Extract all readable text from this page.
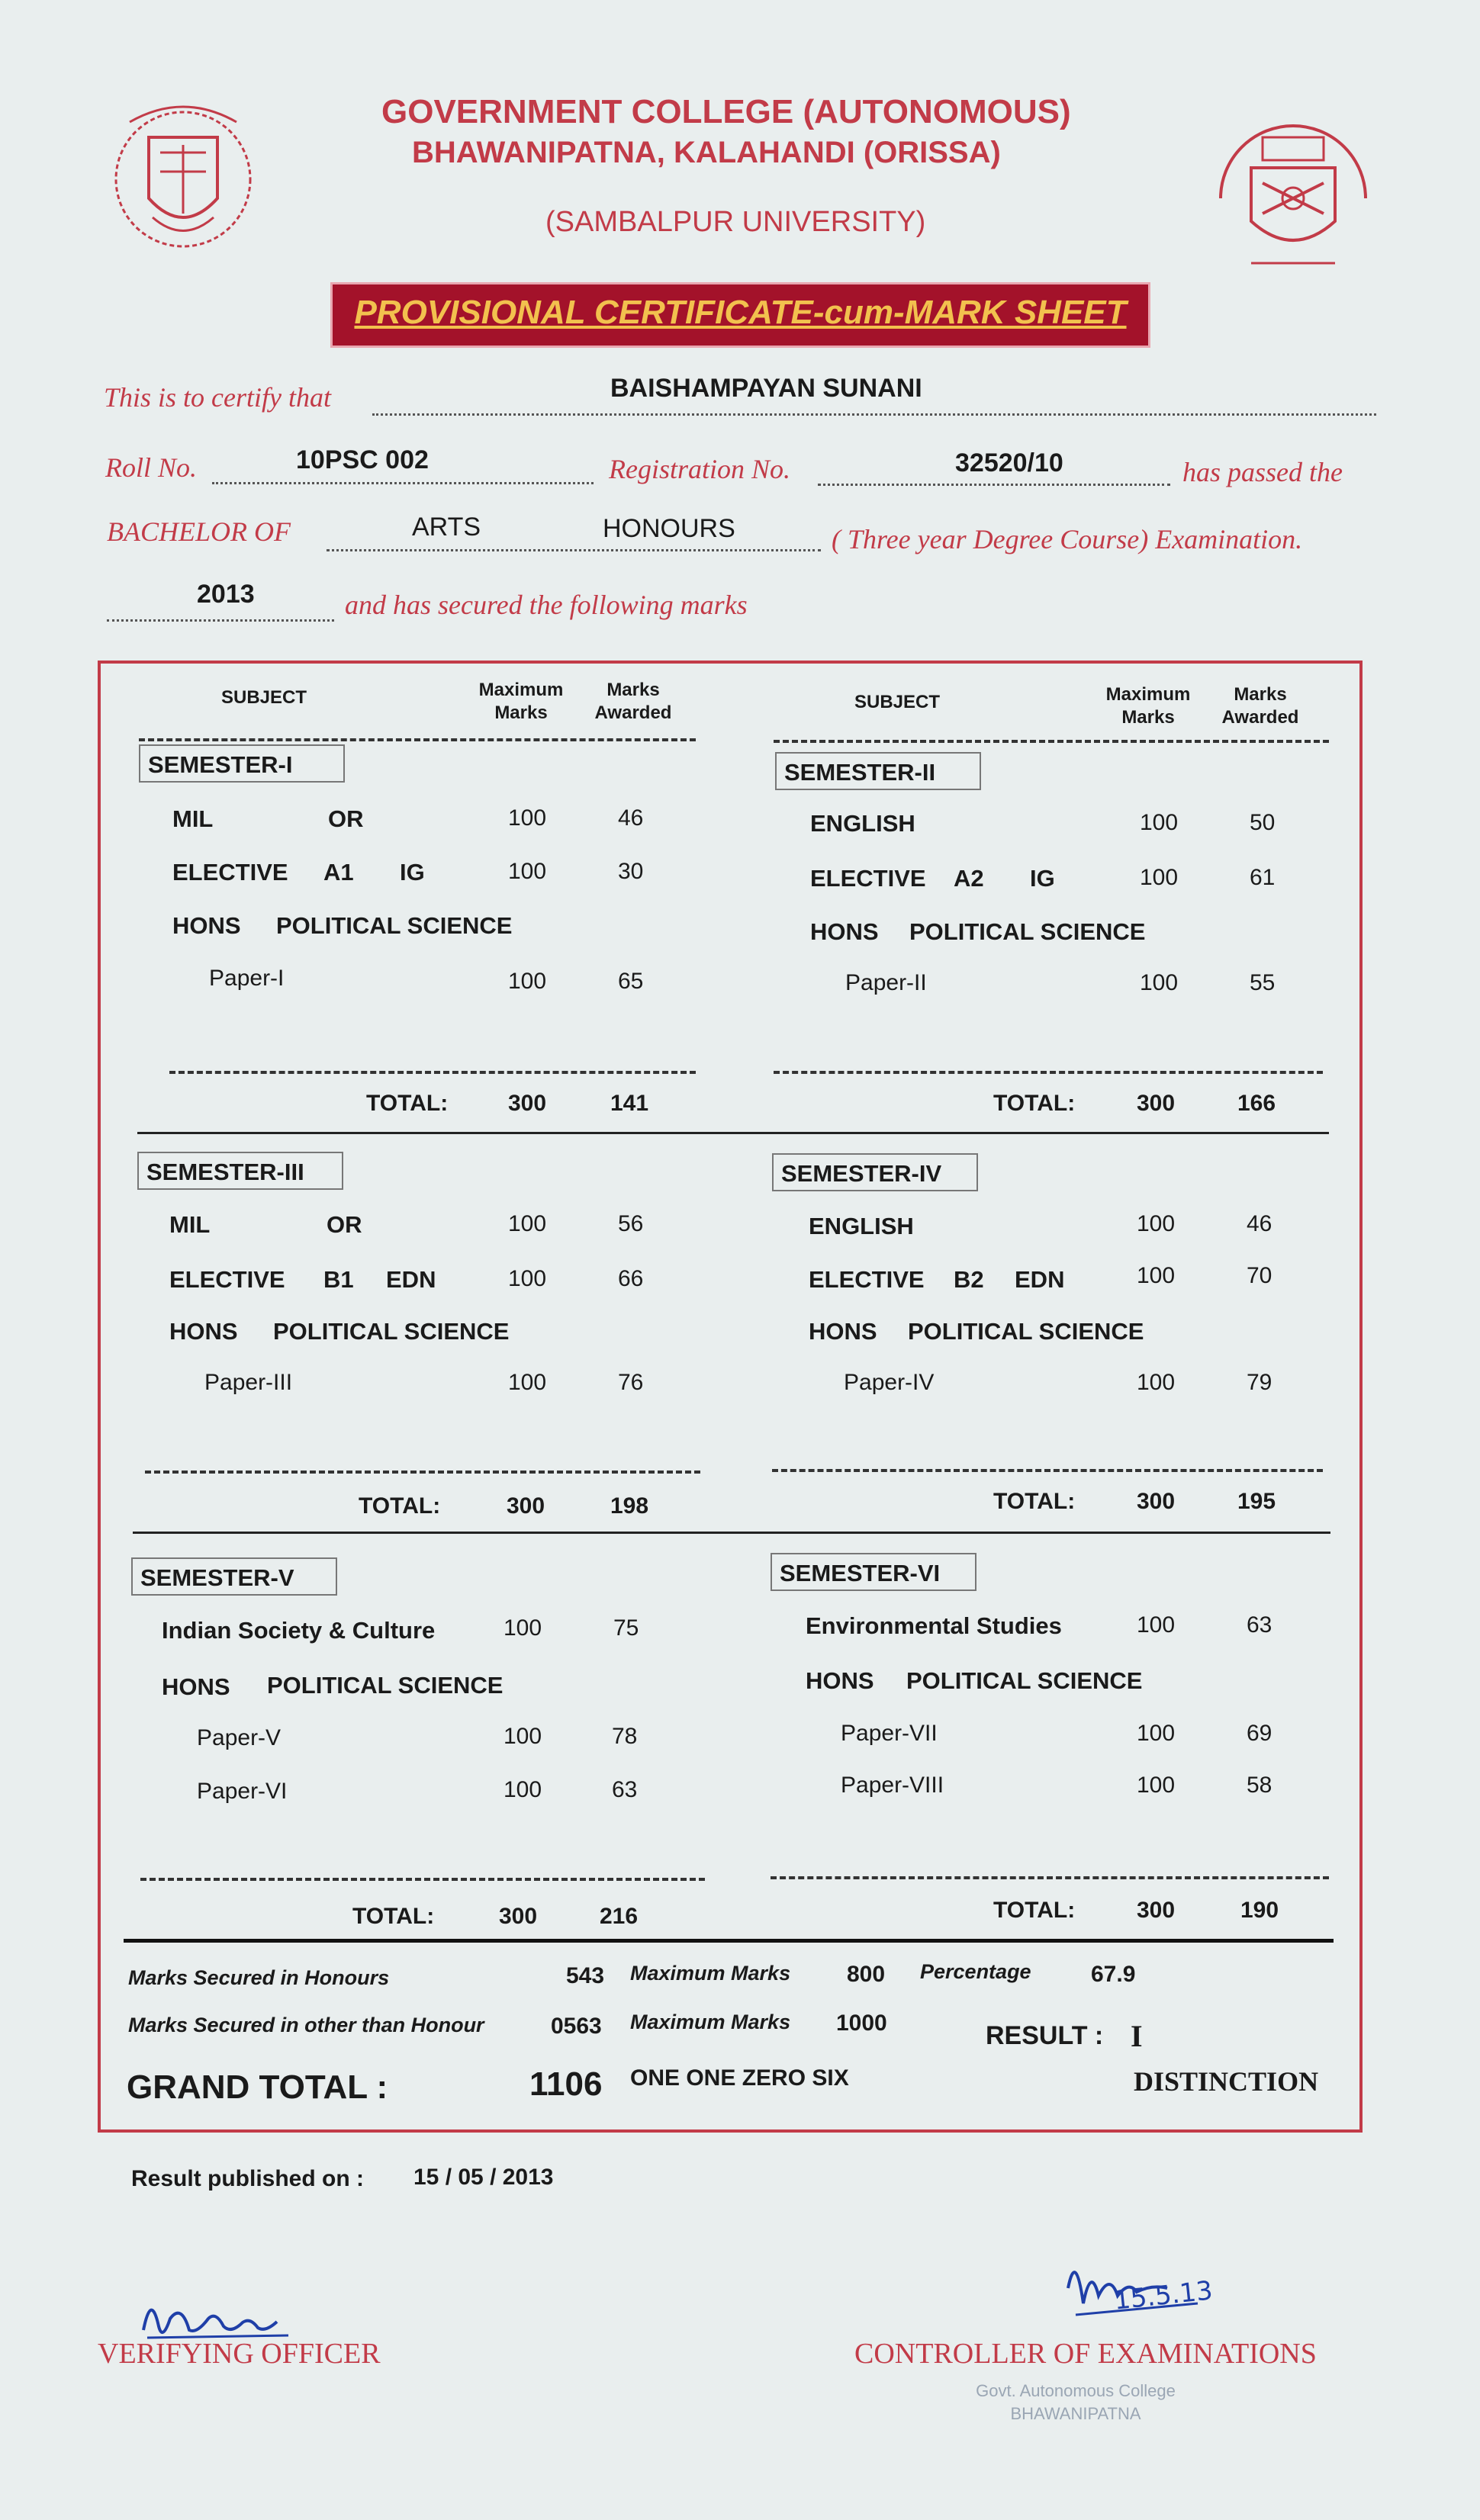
GOVERNMENT COLLEGE (AUTONOMOUS)
BHAWANIPATNA, KALAHANDI (ORISSA)
(SAMBALPUR UNIVERSITY)
PROVISIONAL CERTIFICATE-cum-MARK SHEET
This is to certify that	BAISHAMPAYAN SUNANI
Roll No.	10PSC 002	Registration No.	32520/10	has passed the
BACHELOR OF	ARTS	HONOURS	( Three year Degree Course) Examination.
2013	and has secured the following marks
SUBJECT	Maximum
Marks
Marks
Awarded
SUBJECT	Maximum
Marks
Marks
Awarded
SEMESTER-I
MIL	OR	100	46
ELECTIVE A1 IG	100	30
HONS POLITICAL SCIENCE
Paper-I	100	65
TOTAL:	300	141
SEMESTER-II
ENGLISH	100	50
ELECTIVE A2 IG	100	61
HONS POLITICAL SCIENCE
Paper-II	100	55
TOTAL:	300	166
SEMESTER-III
MIL	OR	100	56
ELECTIVE B1 EDN	100	66
HONS POLITICAL SCIENCE
Paper-III	100	76
TOTAL:	300	198
SEMESTER-IV
ENGLISH	100	46
ELECTIVE B2 EDN	100	70
HONS POLITICAL SCIENCE
Paper-IV	100	79
TOTAL:	300	195
SEMESTER-V
Indian Society & Culture	100	75
HONS POLITICAL SCIENCE
Paper-V	100	78
Paper-VI	100	63
TOTAL:	300	216
SEMESTER-VI
Environmental Studies	100	63
HONS POLITICAL SCIENCE
Paper-VII	100	69
Paper-VIII	100	58
TOTAL:	300	190
Marks Secured in Honours	543 Maximum Marks 800 Percentage	67.9
Marks Secured in other than Honour	0563 Maximum Marks 1000	RESULT : I
GRAND TOTAL :	1106 ONE ONE ZERO SIX	DISTINCTION
Result published on : 15 / 05 / 2013
VERIFYING OFFICER
15.5.13
CONTROLLER OF EXAMINATIONS
Govt. Autonomous College
BHAWANIPATNA
